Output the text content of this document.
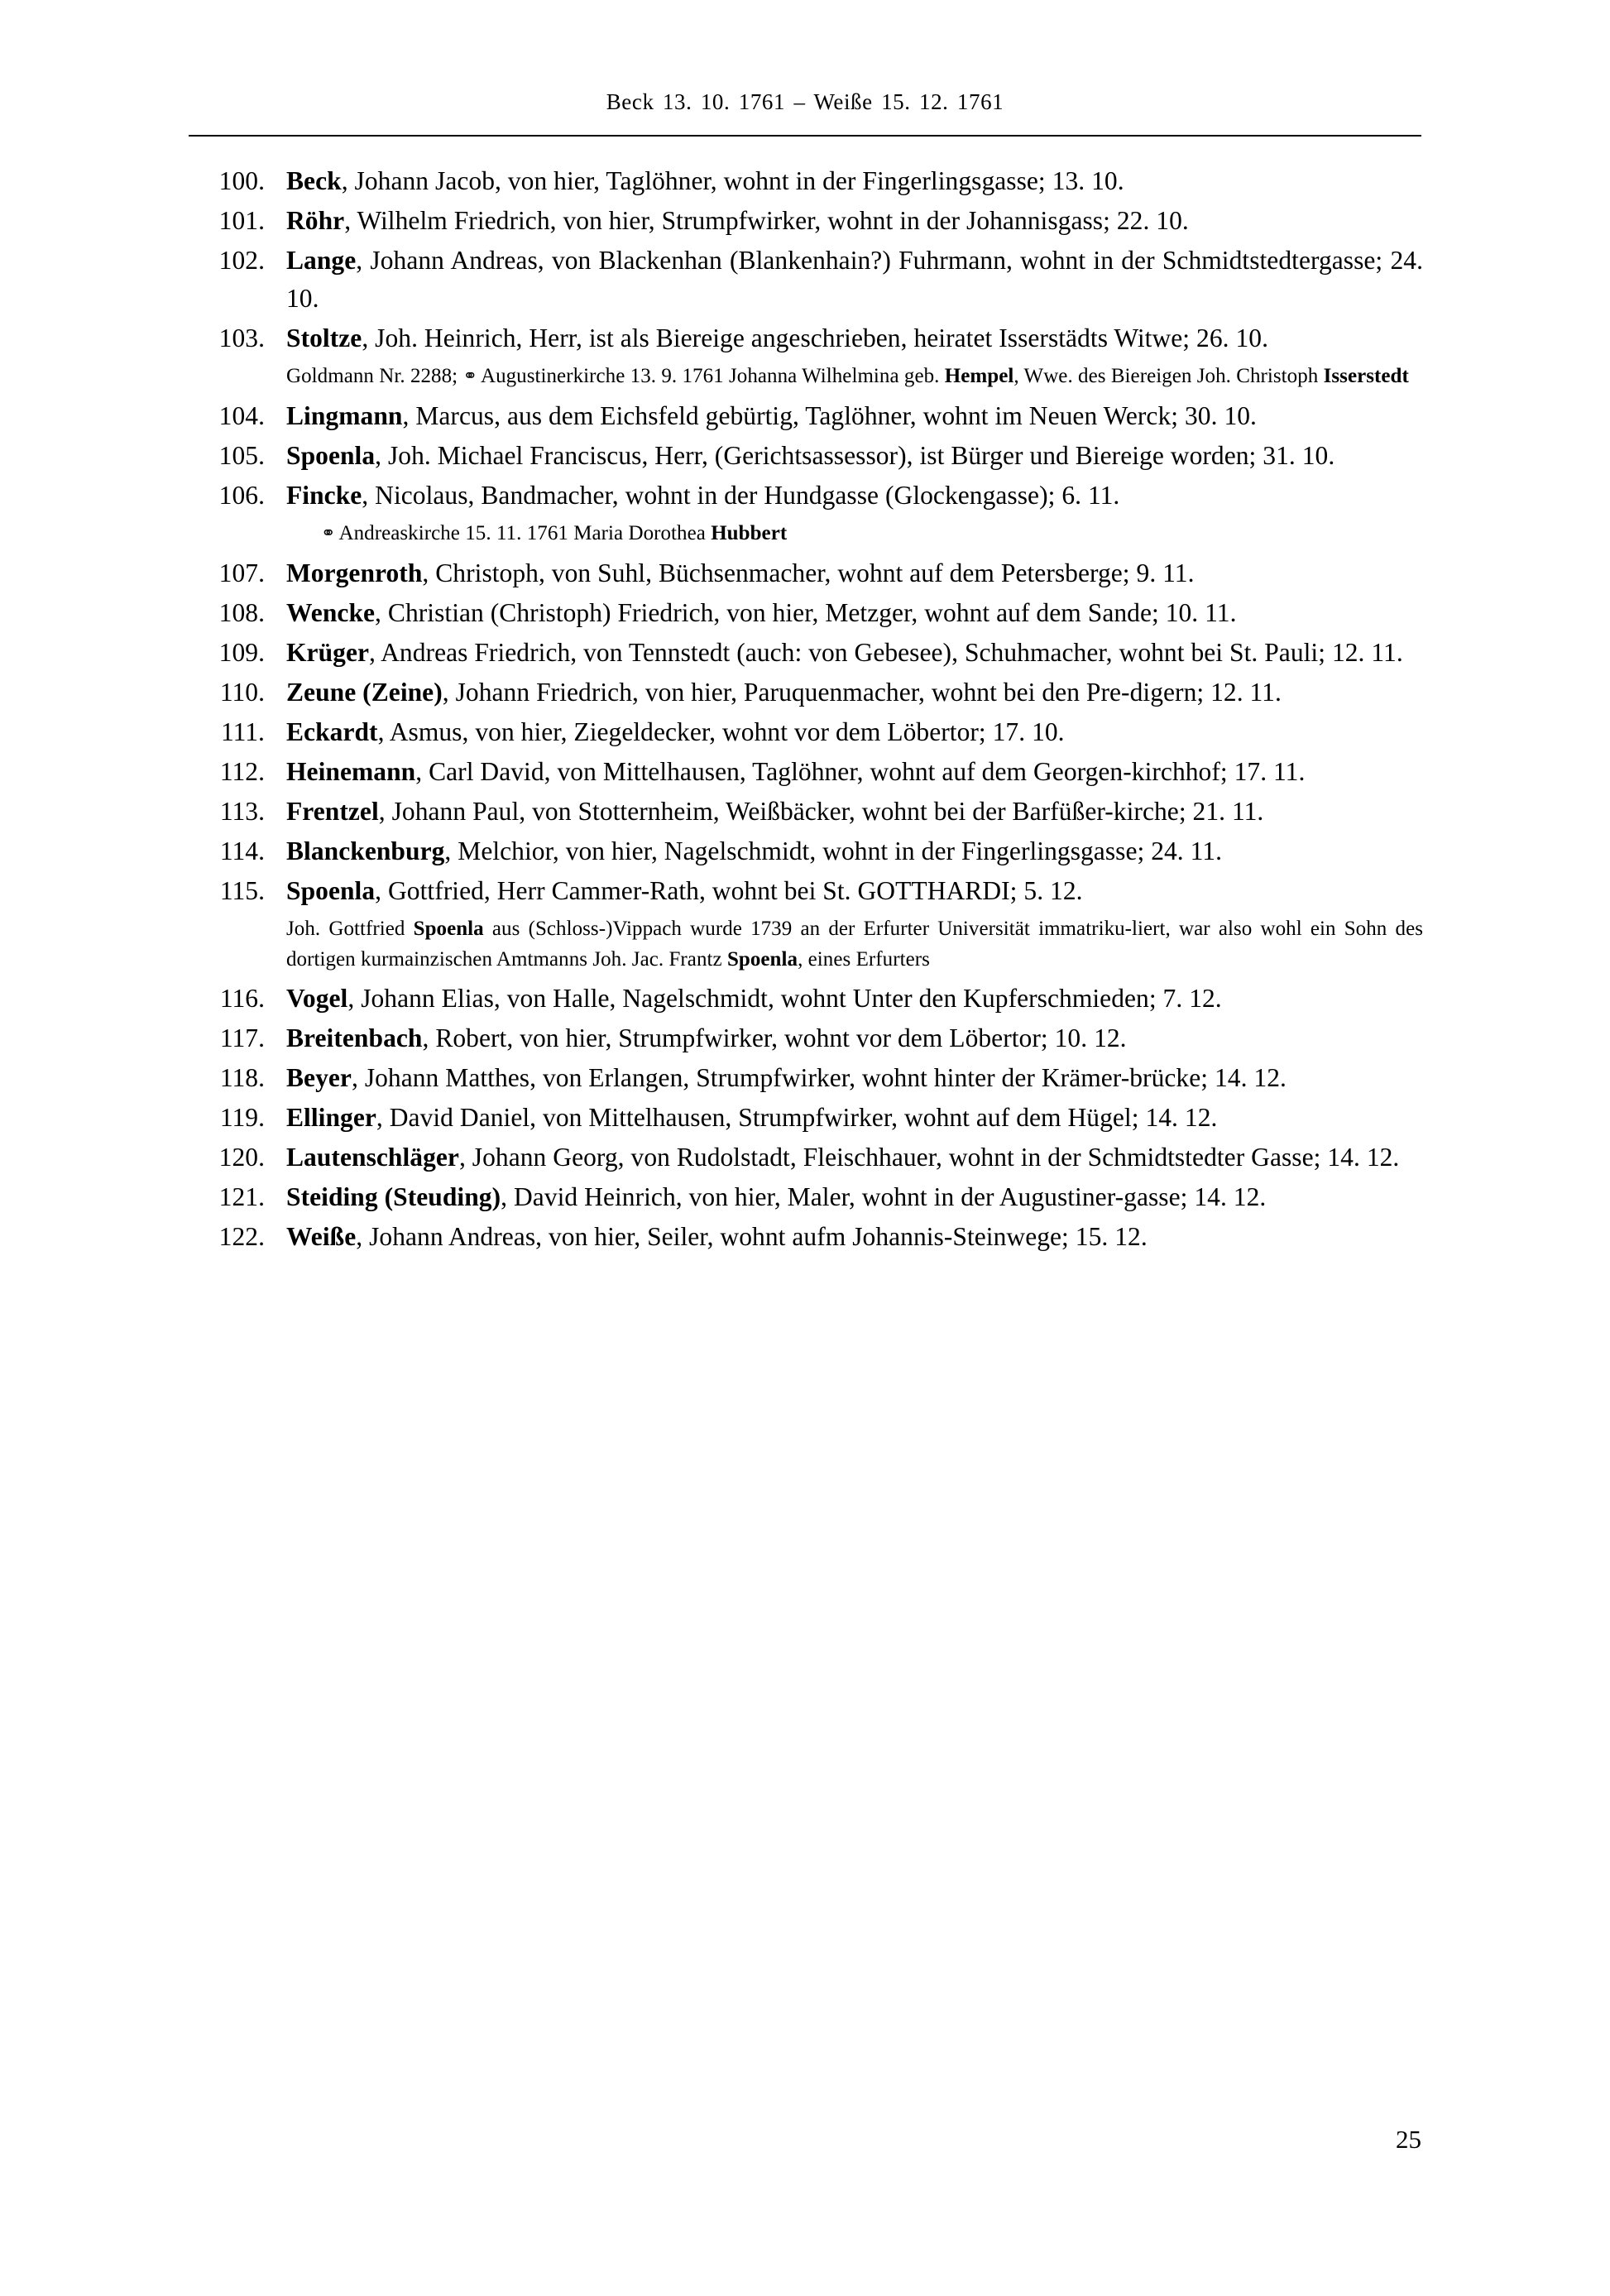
Beck 13. 10. 1761 – Weiße 15. 12. 1761
100. Beck, Johann Jacob, von hier, Taglöhner, wohnt in der Fingerlingsgasse; 13. 10.
101. Röhr, Wilhelm Friedrich, von hier, Strumpfwirker, wohnt in der Johannisgass; 22. 10.
102. Lange, Johann Andreas, von Blackenhan (Blankenhain?) Fuhrmann, wohnt in der Schmidtstedtergasse; 24. 10.
103. Stoltze, Joh. Heinrich, Herr, ist als Biereige angeschrieben, heiratet Isserstädts Witwe; 26. 10.
Goldmann Nr. 2288; ⚭ Augustinerkirche 13. 9. 1761 Johanna Wilhelmina geb. Hempel, Wwe. des Biereigen Joh. Christoph Isserstedt
104. Lingmann, Marcus, aus dem Eichsfeld gebürtig, Taglöhner, wohnt im Neuen Werck; 30. 10.
105. Spoenla, Joh. Michael Franciscus, Herr, (Gerichtsassessor), ist Bürger und Biereige worden; 31. 10.
106. Fincke, Nicolaus, Bandmacher, wohnt in der Hundgasse (Glockengasse); 6. 11.
⚭ Andreaskirche 15. 11. 1761 Maria Dorothea Hubbert
107. Morgenroth, Christoph, von Suhl, Büchsenmacher, wohnt auf dem Petersberge; 9. 11.
108. Wencke, Christian (Christoph) Friedrich, von hier, Metzger, wohnt auf dem Sande; 10. 11.
109. Krüger, Andreas Friedrich, von Tennstedt (auch: von Gebesee), Schuhmacher, wohnt bei St. Pauli; 12. 11.
110. Zeune (Zeine), Johann Friedrich, von hier, Paruquenmacher, wohnt bei den Pre-digern; 12. 11.
111. Eckardt, Asmus, von hier, Ziegeldecker, wohnt vor dem Löbertor; 17. 10.
112. Heinemann, Carl David, von Mittelhausen, Taglöhner, wohnt auf dem Georgen-kirchhof; 17. 11.
113. Frentzel, Johann Paul, von Stotternheim, Weißbäcker, wohnt bei der Barfüßer-kirche; 21. 11.
114. Blanckenburg, Melchior, von hier, Nagelschmidt, wohnt in der Fingerlingsgasse; 24. 11.
115. Spoenla, Gottfried, Herr Cammer-Rath, wohnt bei St. GOTTHARDI; 5. 12.
Joh. Gottfried Spoenla aus (Schloss-)Vippach wurde 1739 an der Erfurter Universität immatriku-liert, war also wohl ein Sohn des dortigen kurmainzischen Amtmanns Joh. Jac. Frantz Spoenla, eines Erfurters
116. Vogel, Johann Elias, von Halle, Nagelschmidt, wohnt Unter den Kupferschmieden; 7. 12.
117. Breitenbach, Robert, von hier, Strumpfwirker, wohnt vor dem Löbertor; 10. 12.
118. Beyer, Johann Matthes, von Erlangen, Strumpfwirker, wohnt hinter der Krämer-brücke; 14. 12.
119. Ellinger, David Daniel, von Mittelhausen, Strumpfwirker, wohnt auf dem Hügel; 14. 12.
120. Lautenschläger, Johann Georg, von Rudolstadt, Fleischhauer, wohnt in der Schmidtstedter Gasse; 14. 12.
121. Steiding (Steuding), David Heinrich, von hier, Maler, wohnt in der Augustiner-gasse; 14. 12.
122. Weiße, Johann Andreas, von hier, Seiler, wohnt aufm Johannis-Steinwege; 15. 12.
25
